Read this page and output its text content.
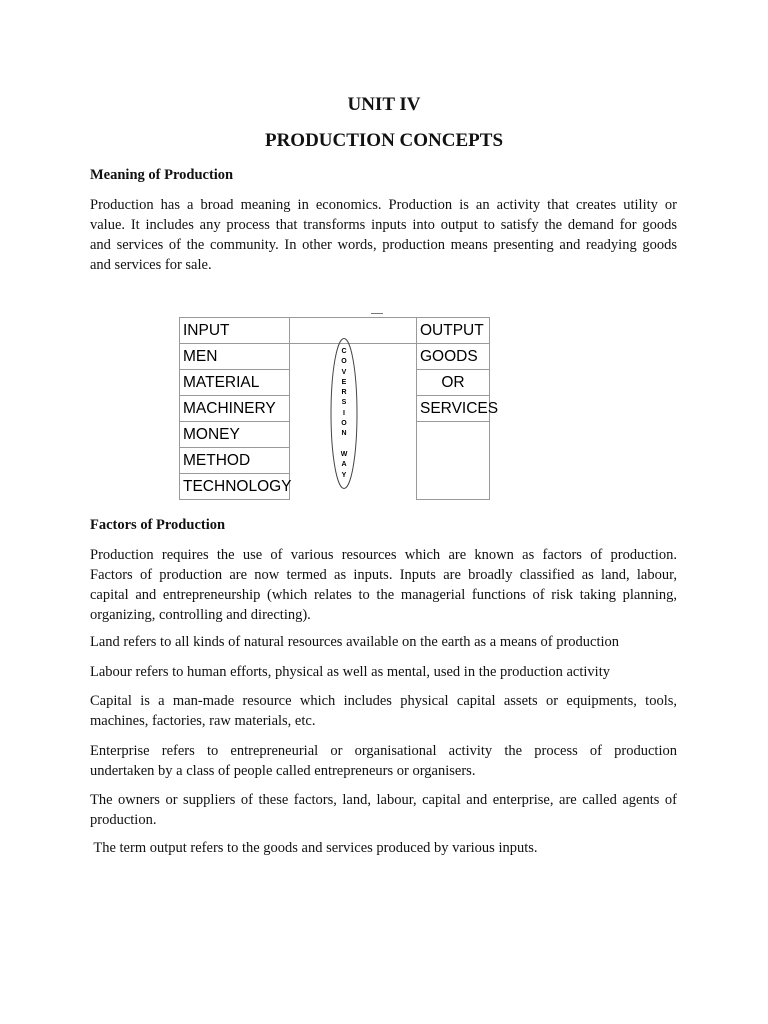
UNIT IV
PRODUCTION CONCEPTS
Meaning of Production
Production has a broad meaning in economics. Production is an activity that creates utility or
value. It includes any process that transforms inputs into output to satisfy the demand for goods
and services of the community. In other words, production means presenting and readying goods
and services for sale.
INPUT		OUTPUT
MEN		GOODS
MATERIAL		OR
MACHINERY		SERVICES
MONEY		
METHOD		
TECHNOLOGY		
C
O
V
E
R
S
I
O
N
W
A
Y
Factors of Production
Production requires the use of various resources which are known as factors of production.
Factors of production are now termed as inputs. Inputs are broadly classified as land, labour,
capital and entrepreneurship (which relates to the managerial functions of risk taking planning,
organizing, controlling and directing).
Land refers to all kinds of natural resources available on the earth as a means of production
Labour refers to human efforts, physical as well as mental, used in the production activity
Capital is a man-made resource which includes physical capital assets or equipments, tools,
machines, factories, raw materials, etc.
Enterprise refers to entrepreneurial or organisational activity the process of production
undertaken by a class of people called entrepreneurs or organisers.
The owners or suppliers of these factors, land, labour, capital and enterprise, are called agents of
production.
The term output refers to the goods and services produced by various inputs.
